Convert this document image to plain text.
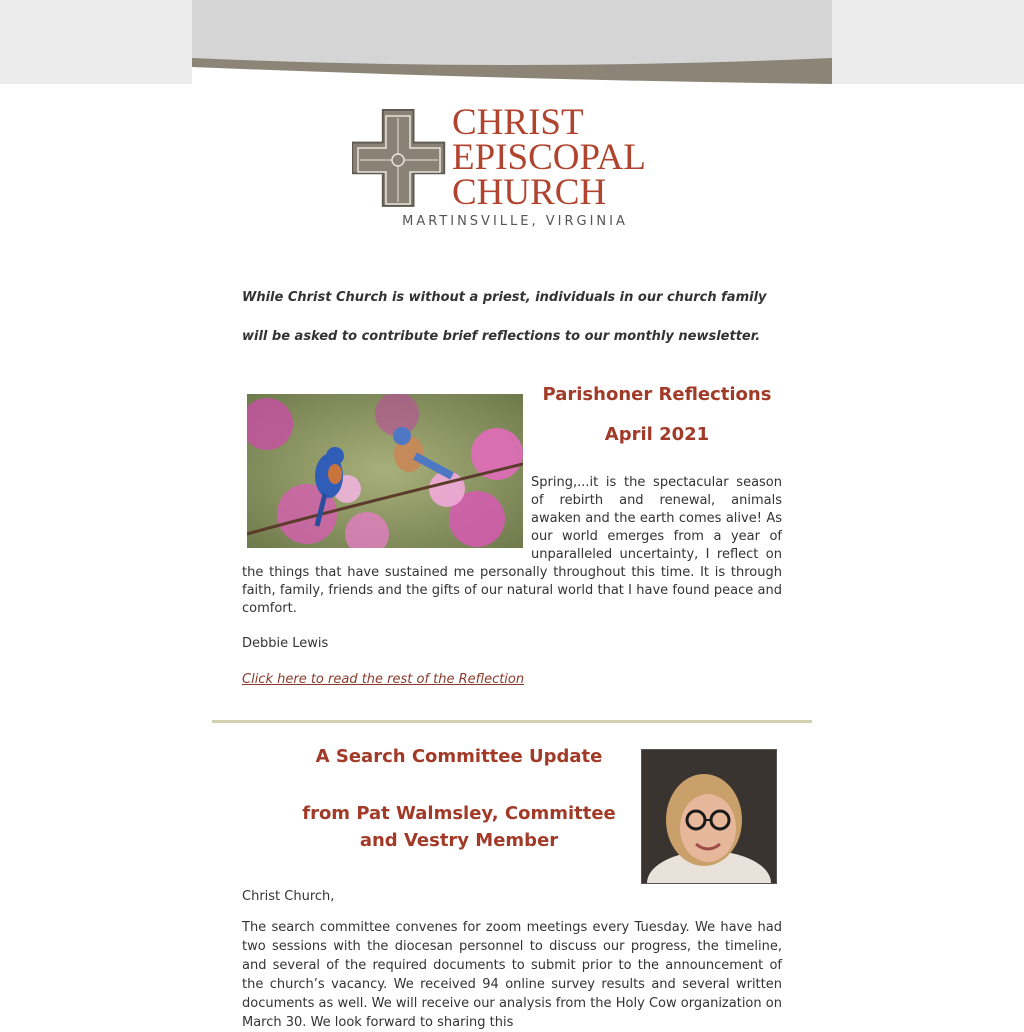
CHRIST
EPISCOPAL
CHURCH
MARTINSVILLE, VIRGINIA

While Christ Church is without a priest, individuals in our church family will be asked to contribute brief reflections to our monthly newsletter.

Parishoner Reflections
April 2021

Spring,...it is the spectacular season of rebirth and renewal, animals awaken and the earth comes alive! As our world emerges from a year of unparalleled uncertainty, I reflect on the things that have sustained me personally throughout this time. It is through faith, family, friends and the gifts of our natural world that I have found peace and comfort.

Debbie Lewis

Click here to read the rest of the Reflection

A Search Committee Update
from Pat Walmsley, Committee and Vestry Member

Christ Church,

The search committee convenes for zoom meetings every Tuesday. We have had two sessions with the diocesan personnel to discuss our progress, the timeline, and several of the required documents to submit prior to the announcement of the church’s vacancy. We received 94 online survey results and several written documents as well. We will receive our analysis from the Holy Cow organization on March 30. We look forward to sharing this
